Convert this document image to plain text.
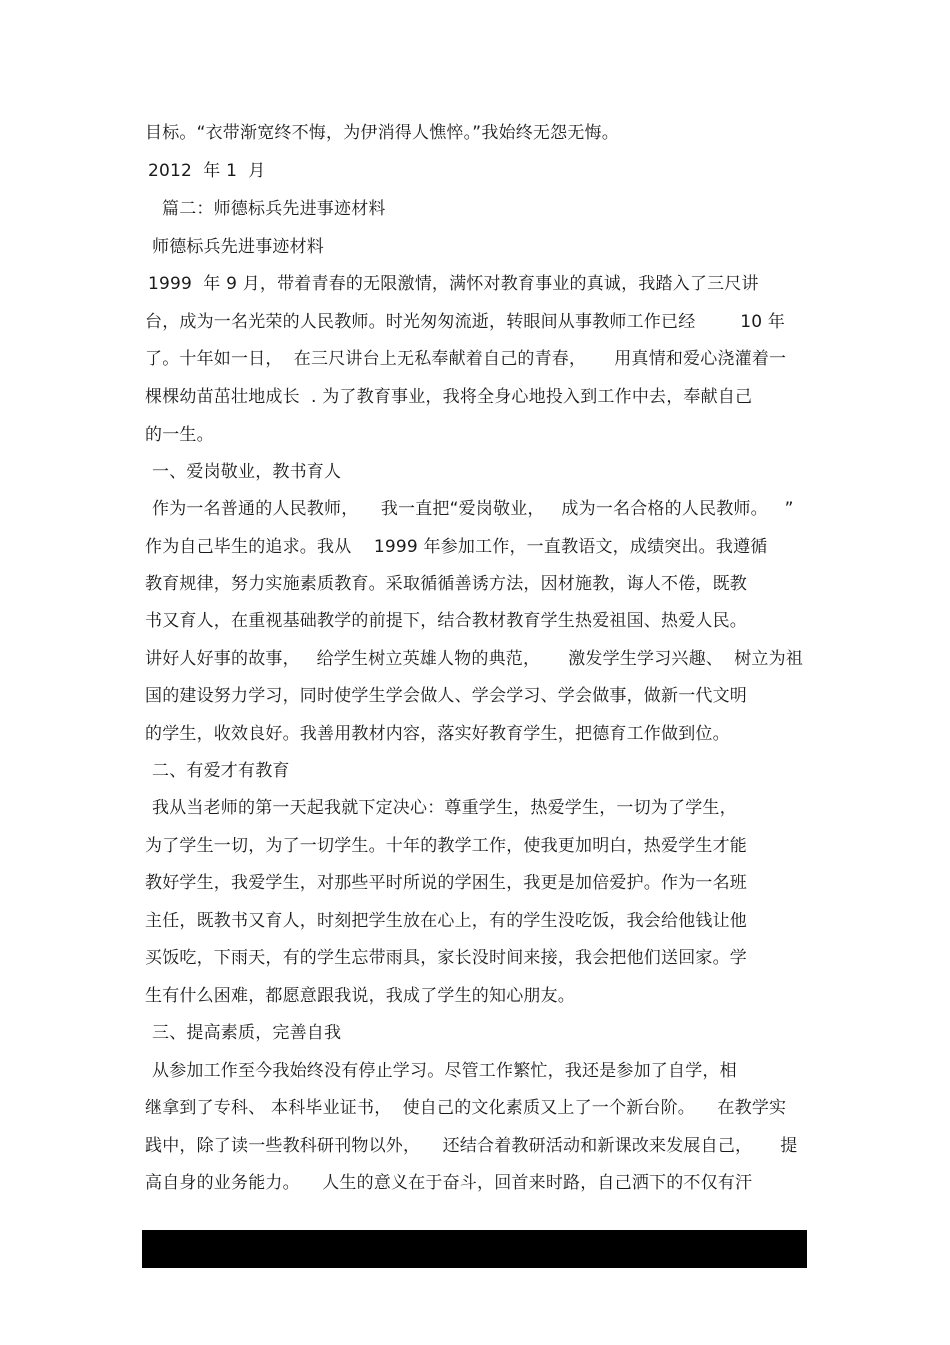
目标。“衣带渐宽终不悔，为伊消得人憔悴。”我始终无怨无悔。
2012  年 1  月
篇二：师德标兵先进事迹材料
师德标兵先进事迹材料
1999  年 9 月，带着青春的无限激情，满怀对教育事业的真诚，我踏入了三尺讲
台，成为一名光荣的人民教师。时光匆匆流逝，转眼间从事教师工作已经        10 年
了。十年如一日，  在三尺讲台上无私奉献着自己的青春，     用真情和爱心浇灌着一
棵棵幼苗茁壮地成长  . 为了教育事业，我将全身心地投入到工作中去，奉献自己
的一生。
一、爱岗敬业，教书育人
作为一名普通的人民教师，    我一直把“爱岗敬业，   成为一名合格的人民教师。   ”
作为自己毕生的追求。我从    1999 年参加工作，一直教语文，成绩突出。我遵循
教育规律，努力实施素质教育。采取循循善诱方法，因材施教，诲人不倦，既教
书又育人，在重视基础教学的前提下，结合教材教育学生热爱祖国、热爱人民。
讲好人好事的故事，   给学生树立英雄人物的典范，     激发学生学习兴趣、  树立为祖
国的建设努力学习，同时使学生学会做人、学会学习、学会做事，做新一代文明
的学生，收效良好。我善用教材内容，落实好教育学生，把德育工作做到位。
二、有爱才有教育
我从当老师的第一天起我就下定决心：尊重学生，热爱学生，一切为了学生，
为了学生一切，为了一切学生。十年的教学工作，使我更加明白，热爱学生才能
教好学生，我爱学生，对那些平时所说的学困生，我更是加倍爱护。作为一名班
主任，既教书又育人，时刻把学生放在心上，有的学生没吃饭，我会给他钱让他
买饭吃，下雨天，有的学生忘带雨具，家长没时间来接，我会把他们送回家。学
生有什么困难，都愿意跟我说，我成了学生的知心朋友。
三、提高素质，完善自我
从参加工作至今我始终没有停止学习。尽管工作繁忙，我还是参加了自学，相
继拿到了专科、 本科毕业证书，  使自己的文化素质又上了一个新台阶。    在教学实
践中，除了读一些教科研刊物以外，    还结合着教研活动和新课改来发展自己，     提
高自身的业务能力。    人生的意义在于奋斗，回首来时路，自己洒下的不仅有汗
